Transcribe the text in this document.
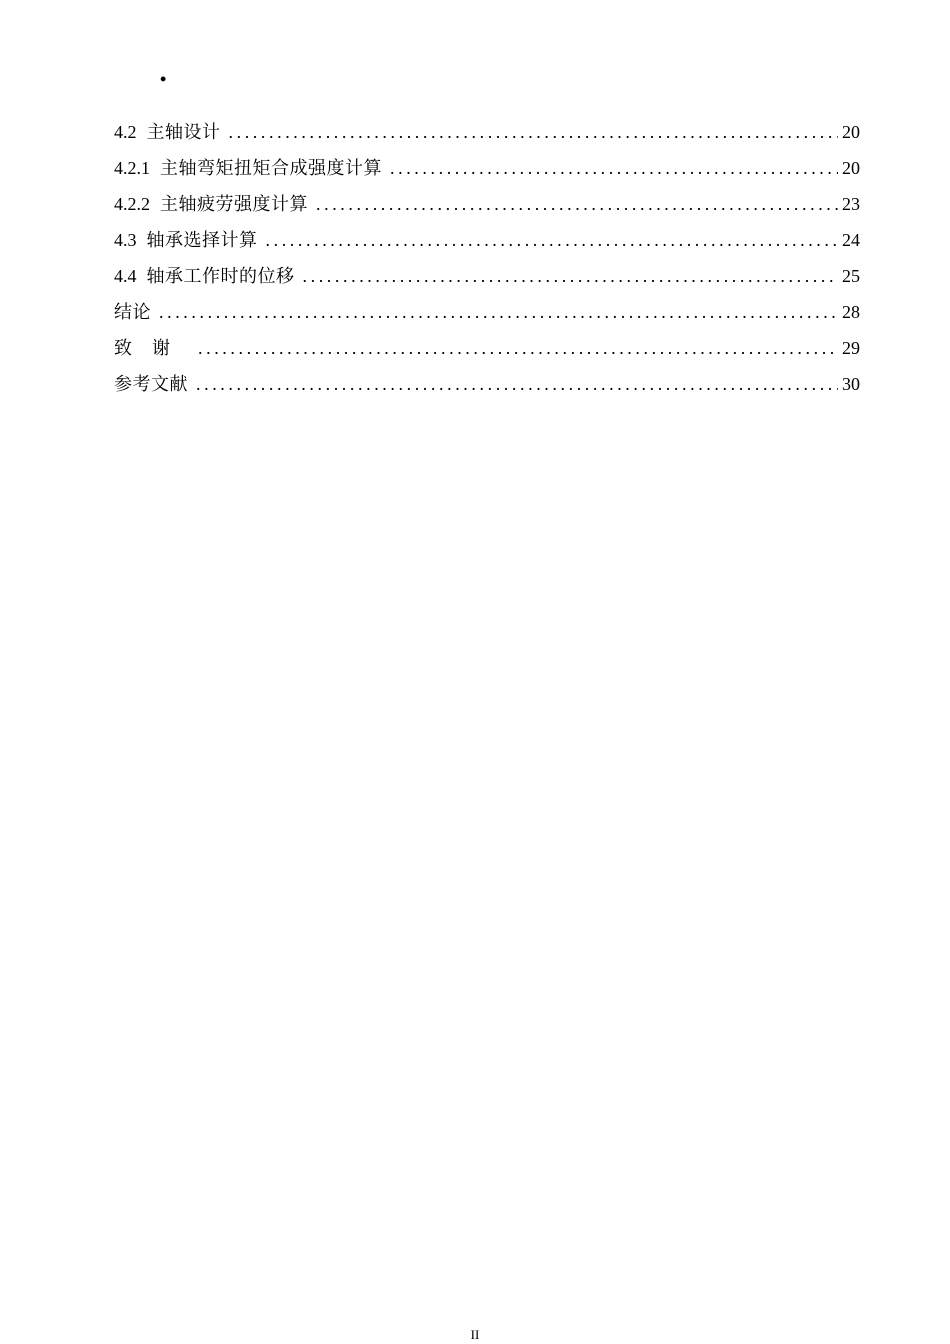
•
4.2 主轴设计 .....	20
4.2.1 主轴弯矩扭矩合成强度计算 .....	20
4.2.2 主轴疲劳强度计算 .....	23
4.3 轴承选择计算 .....	24
4.4 轴承工作时的位移 .....	25
结论 .....	28
致谢 .....	29
参考文献 .....	30
II
